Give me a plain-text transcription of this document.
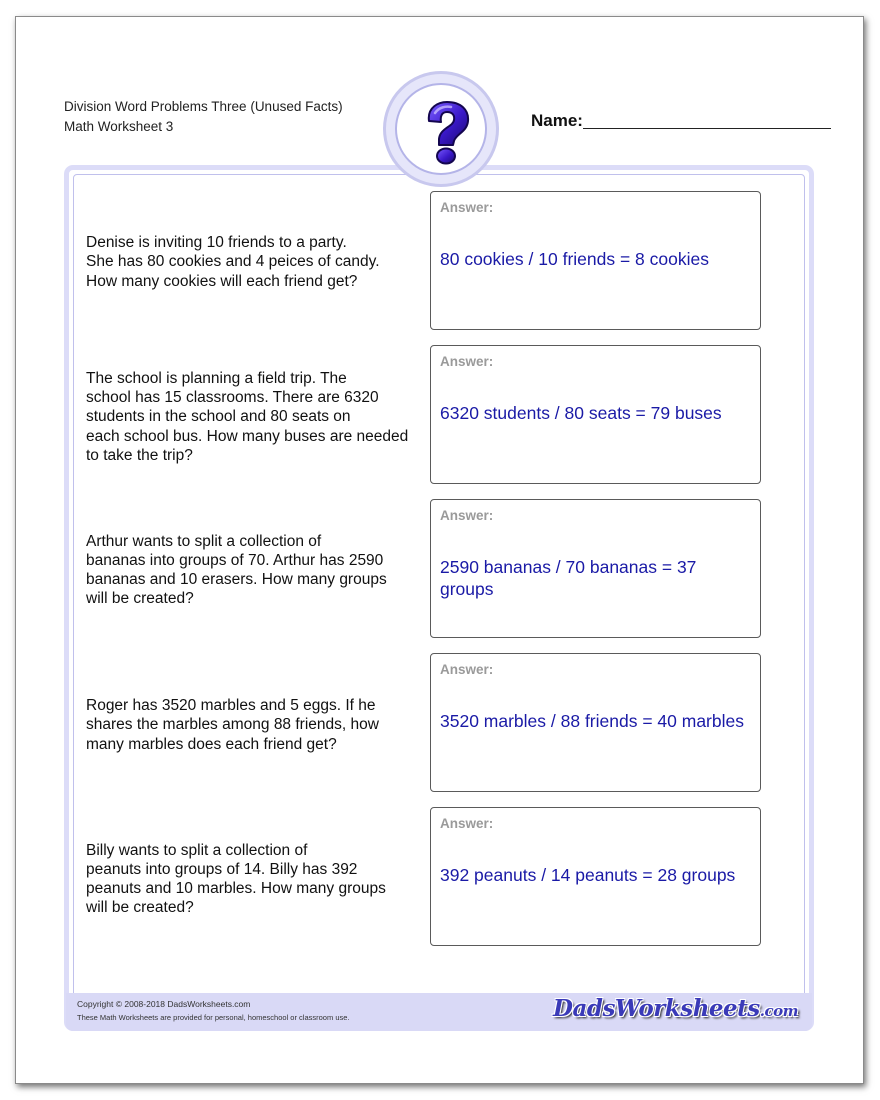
Division Word Problems Three (Unused Facts)
Math Worksheet 3	Name:
Denise is inviting 10 friends to a party.
She has 80 cookies and 4 peices of candy.
How many cookies will each friend get?
Answer:
80 cookies / 10 friends = 8 cookies
The school is planning a field trip. The
school has 15 classrooms. There are 6320
students in the school and 80 seats on
each school bus. How many buses are needed
to take the trip?
Answer:
6320 students / 80 seats = 79 buses
Arthur wants to split a collection of
bananas into groups of 70. Arthur has 2590
bananas and 10 erasers. How many groups
will be created?
Answer:
2590 bananas / 70 bananas = 37 groups
Roger has 3520 marbles and 5 eggs. If he
shares the marbles among 88 friends, how
many marbles does each friend get?
Answer:
3520 marbles / 88 friends = 40 marbles
Billy wants to split a collection of
peanuts into groups of 14. Billy has 392
peanuts and 10 marbles. How many groups
will be created?
Answer:
392 peanuts / 14 peanuts = 28 groups
Copyright © 2008-2018 DadsWorksheets.com
These Math Worksheets are provided for personal, homeschool or classroom use.	DadsWorksheets.com
